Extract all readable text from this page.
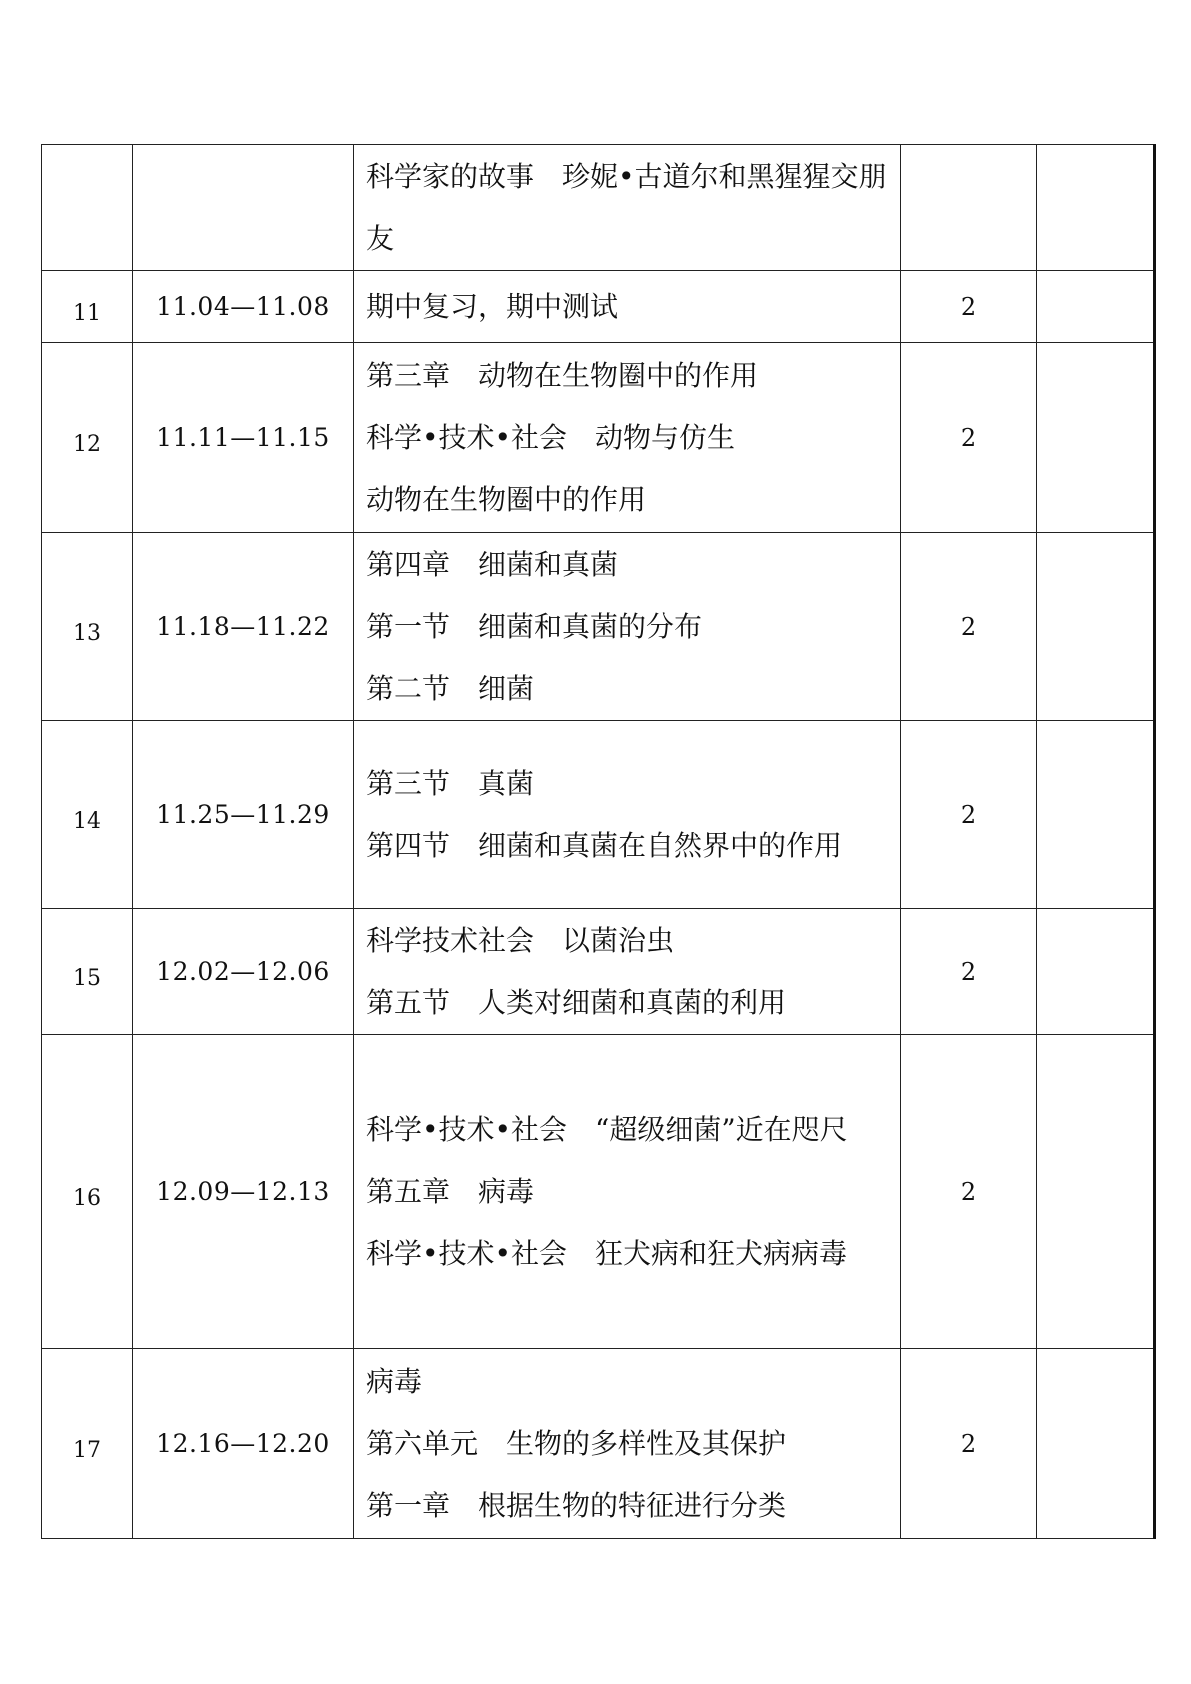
		科学家的故事　珍妮•古道尔和黑猩猩交朋友		

11	11.04—11.08	期中复习，期中测试	2	

12	11.11—11.15	第三章　动物在生物圈中的作用
科学•技术•社会　动物与仿生
动物在生物圈中的作用	2	

13	11.18—11.22	第四章　细菌和真菌
第一节　细菌和真菌的分布
第二节　细菌	2	

14	11.25—11.29	第三节　真菌
第四节　细菌和真菌在自然界中的作用	2	

15	12.02—12.06	科学技术社会　以菌治虫
第五节　人类对细菌和真菌的利用	2	

16	12.09—12.13	科学•技术•社会　“超级细菌”近在咫尺
第五章　病毒
科学•技术•社会　狂犬病和狂犬病病毒	2	

17	12.16—12.20	病毒
第六单元　生物的多样性及其保护
第一章　根据生物的特征进行分类	2	
